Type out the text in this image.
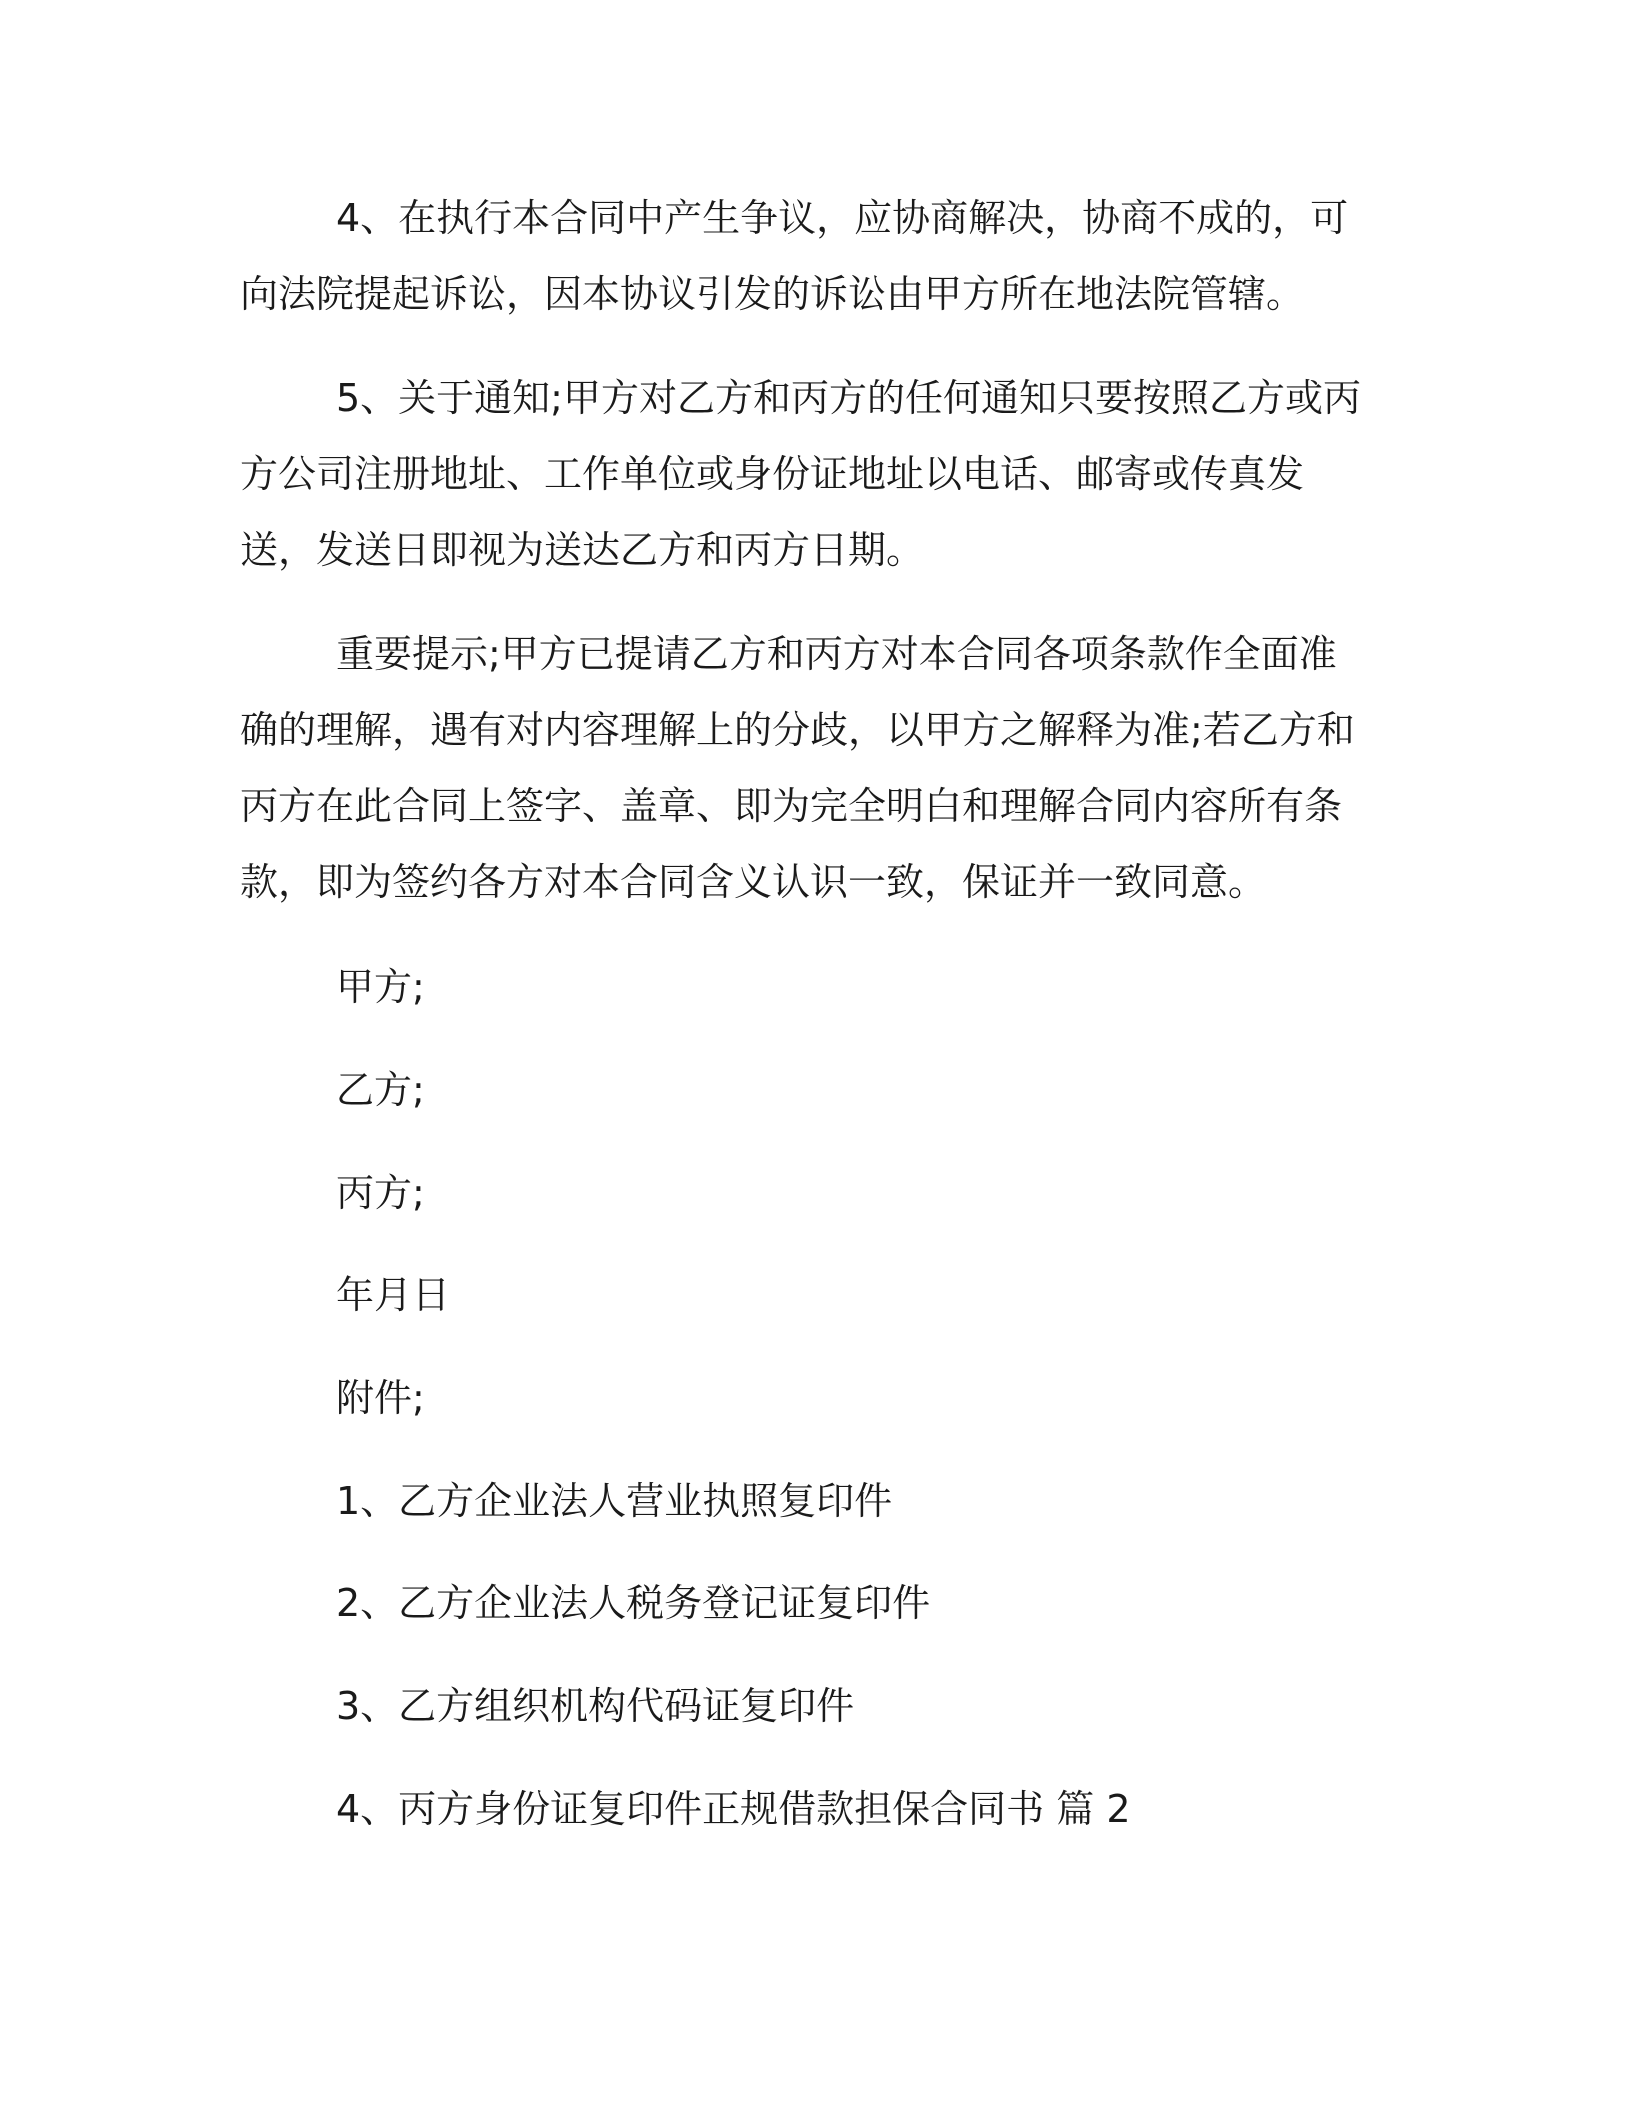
4、在执行本合同中产生争议，应协商解决，协商不成的，可向法院提起诉讼，因本协议引发的诉讼由甲方所在地法院管辖。

5、关于通知;甲方对乙方和丙方的任何通知只要按照乙方或丙方公司注册地址、工作单位或身份证地址以电话、邮寄或传真发送，发送日即视为送达乙方和丙方日期。

重要提示;甲方已提请乙方和丙方对本合同各项条款作全面准确的理解，遇有对内容理解上的分歧，以甲方之解释为准;若乙方和丙方在此合同上签字、盖章、即为完全明白和理解合同内容所有条款，即为签约各方对本合同含义认识一致，保证并一致同意。

甲方;

乙方;

丙方;

年月日

附件;

1、乙方企业法人营业执照复印件

2、乙方企业法人税务登记证复印件

3、乙方组织机构代码证复印件

4、丙方身份证复印件正规借款担保合同书 篇 2
